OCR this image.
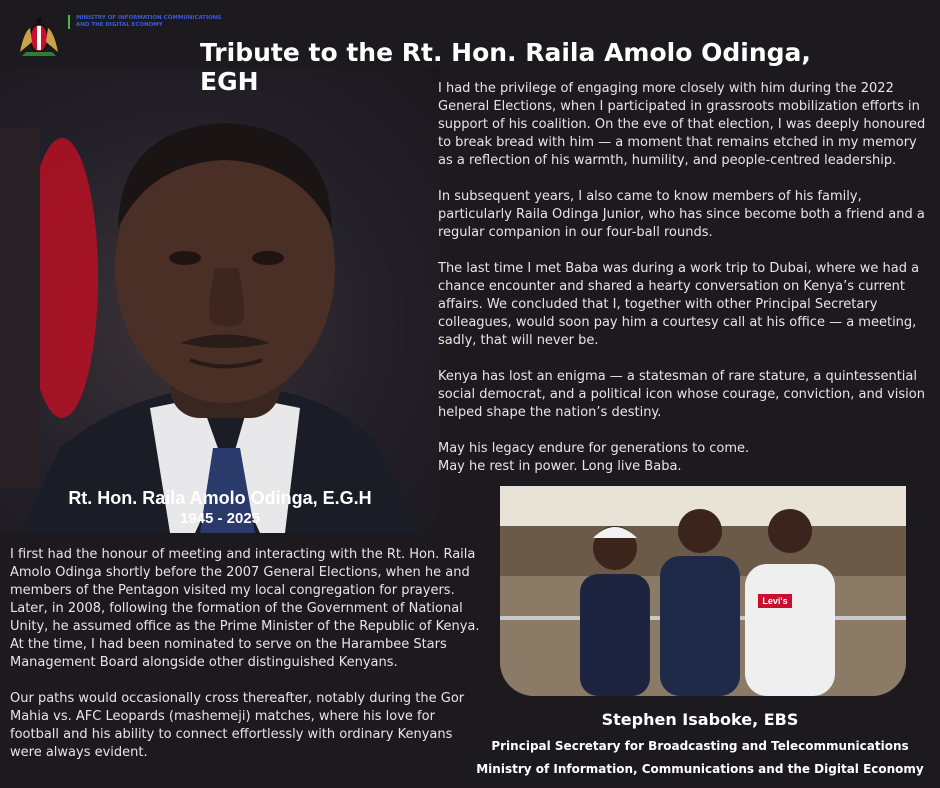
MINISTRY OF INFORMATION COMMUNICATIONS AND THE DIGITAL ECONOMY
Tribute to the Rt. Hon. Raila Amolo Odinga, EGH	I had the privilege of engaging more closely with him during the 2022 General Elections, when I participated in grassroots mobilization efforts in support of his coalition. On the eve of that election, I was deeply honoured to break bread with him — a moment that remains etched in my memory as a reflection of his warmth, humility, and people-centred leadership.

In subsequent years, I also came to know members of his family, particularly Raila Odinga Junior, who has since become both a friend and a regular companion in our four-ball rounds.

The last time I met Baba was during a work trip to Dubai, where we had a chance encounter and shared a hearty conversation on Kenya’s current affairs. We concluded that I, together with other Principal Secretary colleagues, would soon pay him a courtesy call at his office — a meeting, sadly, that will never be.

Kenya has lost an enigma — a statesman of rare stature, a quintessential social democrat, and a political icon whose courage, conviction, and vision helped shape the nation’s destiny.

May his legacy endure for generations to come.
May he rest in power. Long live Baba.
Rt. Hon. Raila Amolo Odinga, E.G.H
1945 - 2025

I first had the honour of meeting and interacting with the Rt. Hon. Raila Amolo Odinga shortly before the 2007 General Elections, when he and members of the Pentagon visited my local congregation for prayers. Later, in 2008, following the formation of the Government of National Unity, he assumed office as the Prime Minister of the Republic of Kenya. At the time, I had been nominated to serve on the Harambee Stars Management Board alongside other distinguished Kenyans.

Our paths would occasionally cross thereafter, notably during the Gor Mahia vs. AFC Leopards (mashemeji) matches, where his love for football and his ability to connect effortlessly with ordinary Kenyans were always evident.

Levi's
Stephen Isaboke, EBS
Principal Secretary for Broadcasting and Telecommunications
Ministry of Information, Communications and the Digital Economy
